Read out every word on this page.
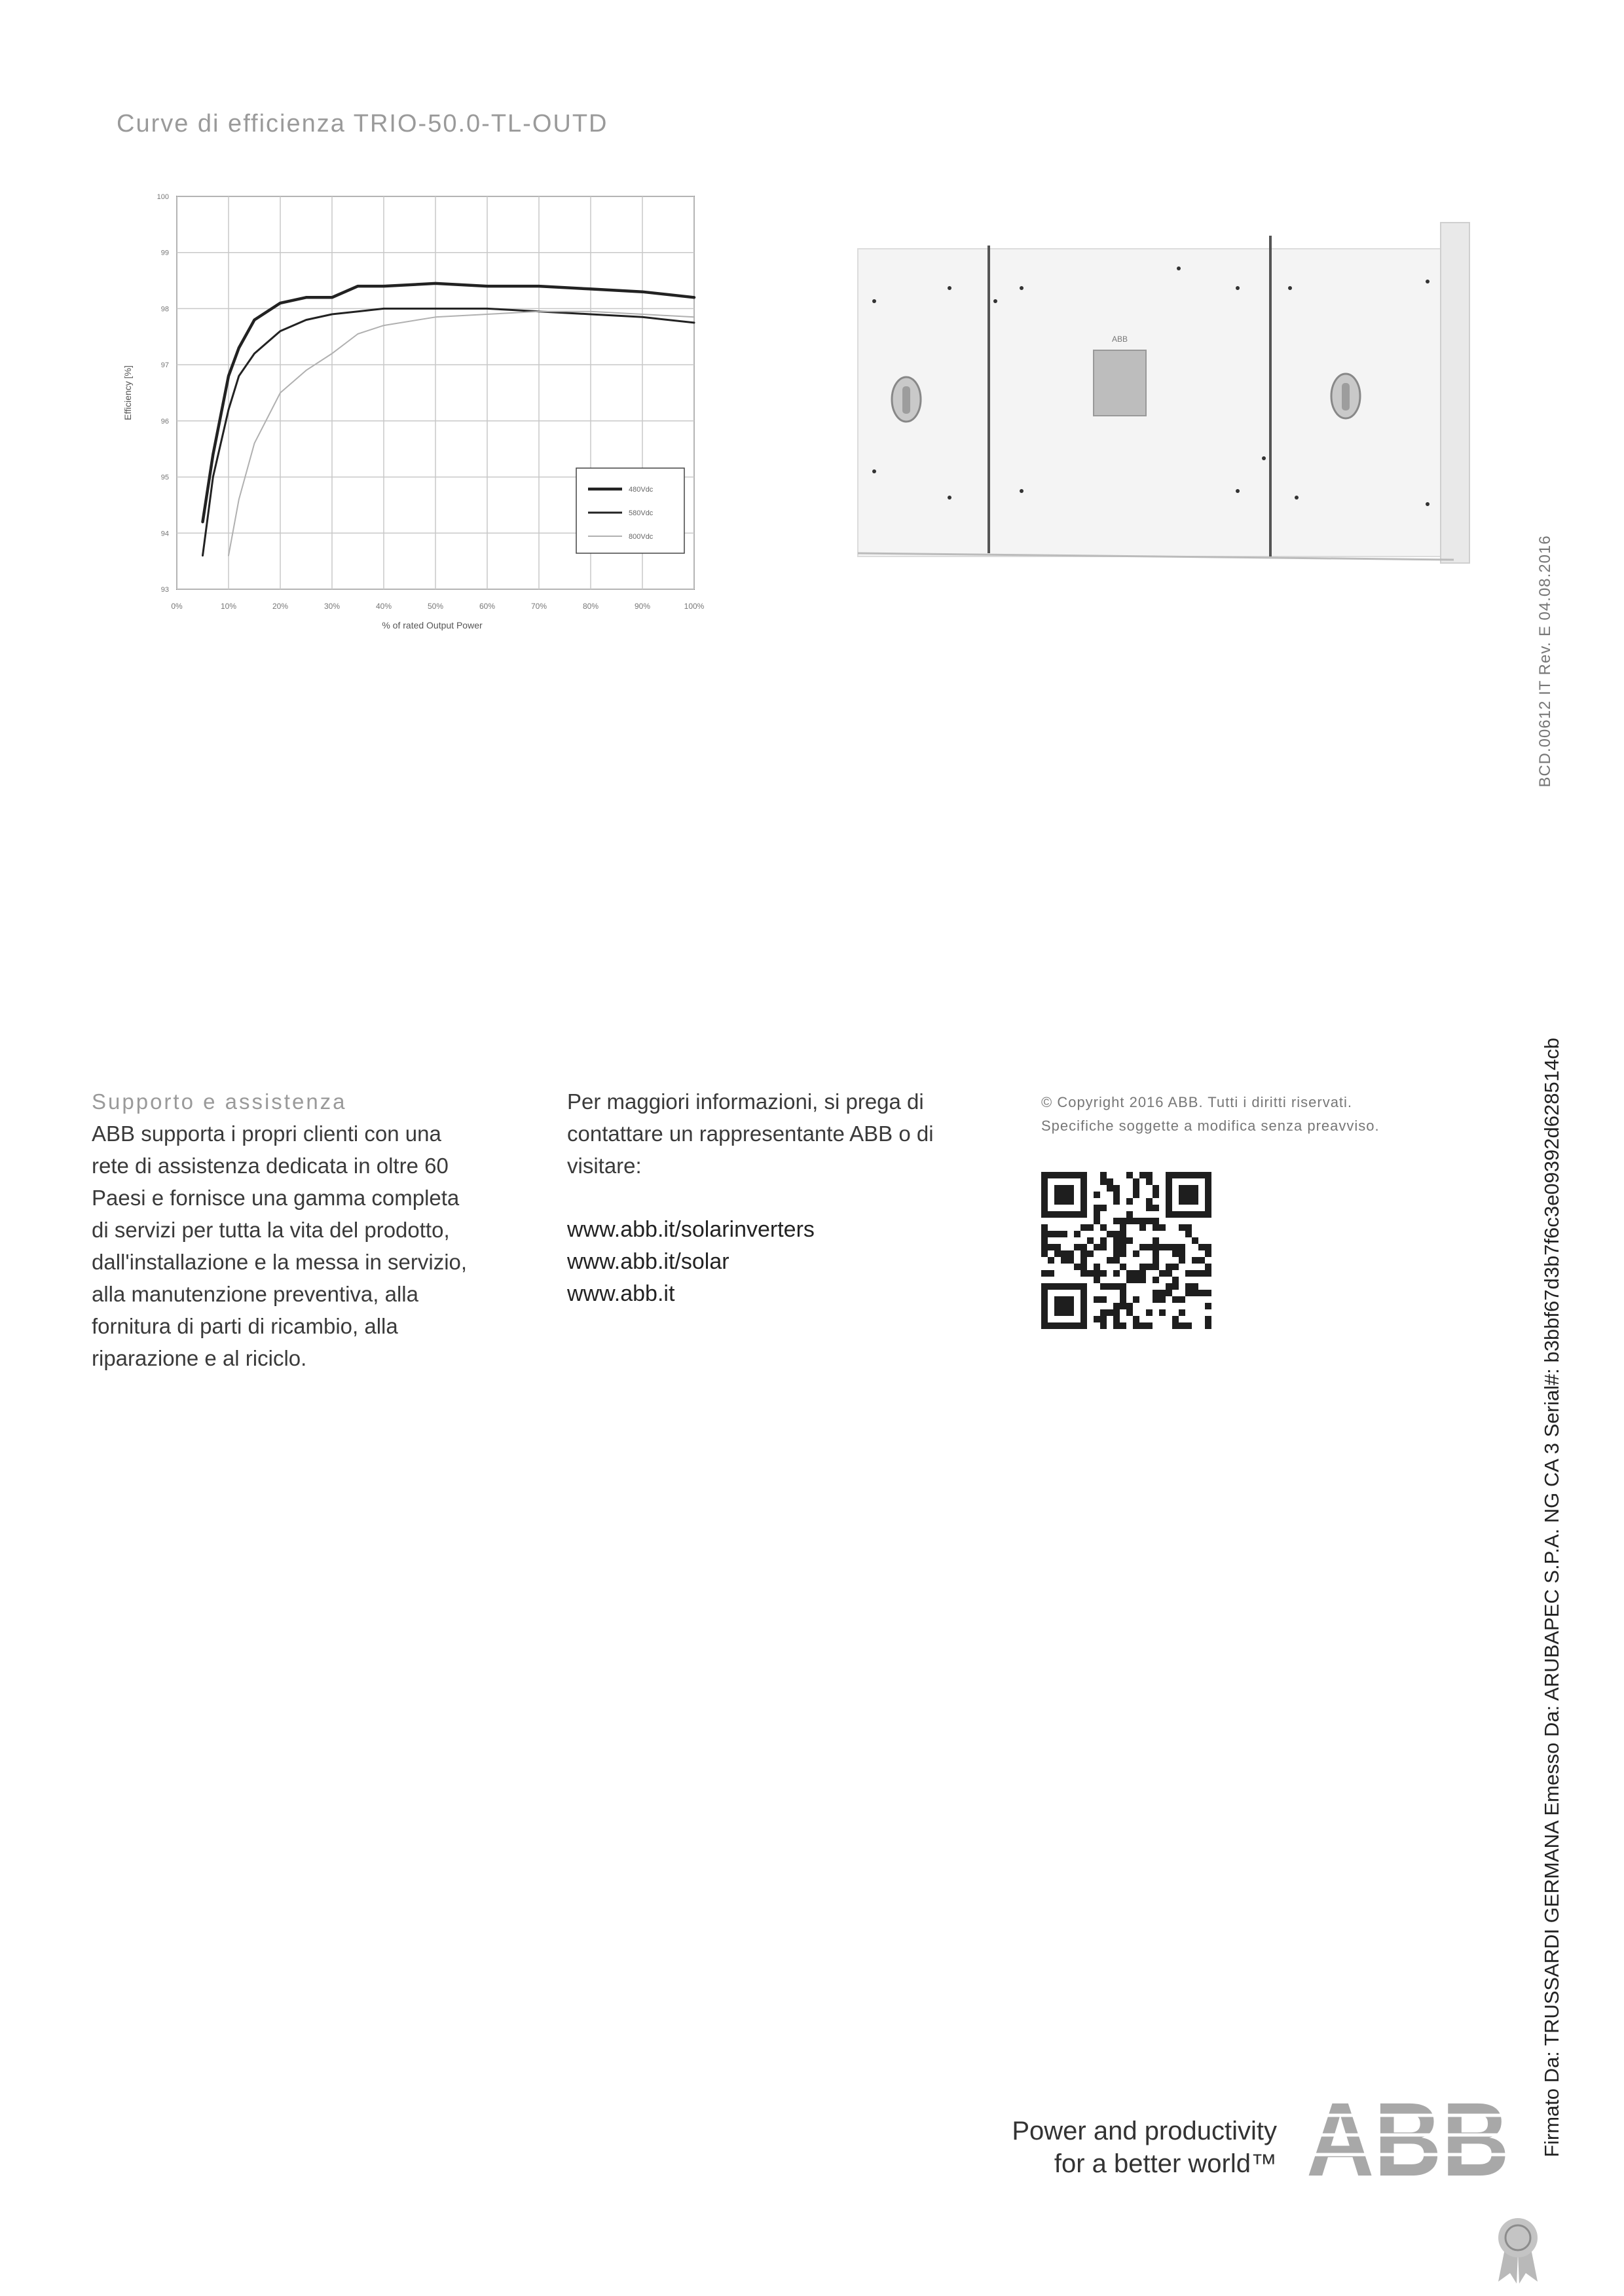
Curve di efficienza TRIO-50.0-TL-OUTD
0%	10%	20%	30%	40%	50%	60%	70%	80%	90%	100%
100
99
98
97
96
95
94
93
480Vdc
580Vdc
800Vdc
Efficiency [%]
% of rated Output Power
ABB
BCD.00612 IT Rev. E 04.08.2016
Supporto e assistenza

ABB supporta i propri clienti con una

rete di assistenza dedicata in oltre 60

Paesi e fornisce una gamma completa

di servizi per tutta la vita del prodotto,

dall'installazione e la messa in servizio,

alla manutenzione preventiva, alla

fornitura di parti di ricambio, alla

riparazione e al riciclo.

Per maggiori informazioni, si prega di

contattare un rappresentante ABB o di

visitare:

www.abb.it/solarinverters
www.abb.it/solar
www.abb.it
© Copyright 2016 ABB. Tutti i diritti riservati.
Specifiche soggette a modifica senza preavviso.
Power and productivity
for a better world™ ABB Firmato Da: TRUSSARDI GERMANA Emesso Da: ARUBAPEC S.P.A. NG CA 3 Serial#: b3bbf67d3b7f6c3e09392d628514cb
